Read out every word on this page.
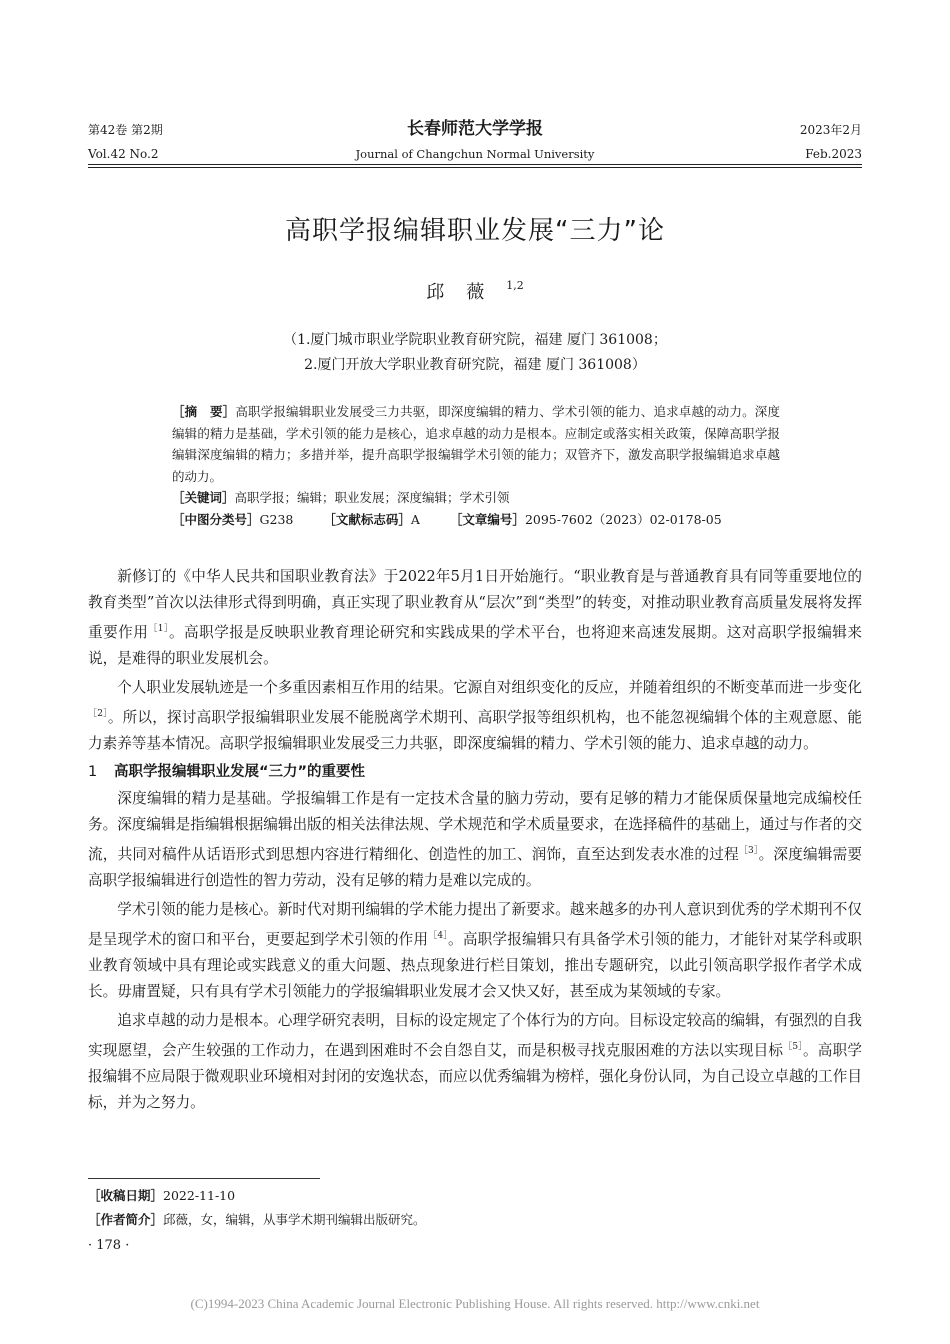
第42卷 第2期
Vol.42 No.2
长春师范大学学报
Journal of Changchun Normal University
2023年2月
Feb.2023
高职学报编辑职业发展“三力”论
邱薇$^{1,2}$
（1.厦门城市职业学院职业教育研究院，福建 厦门 361008；
2.厦门开放大学职业教育研究院，福建 厦门 361008）

［摘　要］高职学报编辑职业发展受三力共驱，即深度编辑的精力、学术引领的能力、追求卓越的动力。深度编辑的精力是基础，学术引领的能力是核心，追求卓越的动力是根本。应制定或落实相关政策，保障高职学报编辑深度编辑的精力；多措并举，提升高职学报编辑学术引领的能力；双管齐下，激发高职学报编辑追求卓越的动力。

［关键词］高职学报；编辑；职业发展；深度编辑；学术引领

［中图分类号］G238 ［文献标志码］A ［文章编号］2095-7602（2023）02-0178-05

新修订的《中华人民共和国职业教育法》于2022年5月1日开始施行。“职业教育是与普通教育具有同等重要地位的教育类型”首次以法律形式得到明确，真正实现了职业教育从“层次”到“类型”的转变，对推动职业教育高质量发展将发挥重要作用$^{[1]}$。高职学报是反映职业教育理论研究和实践成果的学术平台，也将迎来高速发展期。这对高职学报编辑来说，是难得的职业发展机会。

个人职业发展轨迹是一个多重因素相互作用的结果。它源自对组织变化的反应，并随着组织的不断变革而进一步变化$^{[2]}$。所以，探讨高职学报编辑职业发展不能脱离学术期刊、高职学报等组织机构，也不能忽视编辑个体的主观意愿、能力素养等基本情况。高职学报编辑职业发展受三力共驱，即深度编辑的精力、学术引领的能力、追求卓越的动力。

1 高职学报编辑职业发展“三力”的重要性

深度编辑的精力是基础。学报编辑工作是有一定技术含量的脑力劳动，要有足够的精力才能保质保量地完成编校任务。深度编辑是指编辑根据编辑出版的相关法律法规、学术规范和学术质量要求，在选择稿件的基础上，通过与作者的交流，共同对稿件从话语形式到思想内容进行精细化、创造性的加工、润饰，直至达到发表水准的过程$^{[3]}$。深度编辑需要高职学报编辑进行创造性的智力劳动，没有足够的精力是难以完成的。

学术引领的能力是核心。新时代对期刊编辑的学术能力提出了新要求。越来越多的办刊人意识到优秀的学术期刊不仅是呈现学术的窗口和平台，更要起到学术引领的作用$^{[4]}$。高职学报编辑只有具备学术引领的能力，才能针对某学科或职业教育领域中具有理论或实践意义的重大问题、热点现象进行栏目策划，推出专题研究，以此引领高职学报作者学术成长。毋庸置疑，只有具有学术引领能力的学报编辑职业发展才会又快又好，甚至成为某领域的专家。

追求卓越的动力是根本。心理学研究表明，目标的设定规定了个体行为的方向。目标设定较高的编辑，有强烈的自我实现愿望，会产生较强的工作动力，在遇到困难时不会自怨自艾，而是积极寻找克服困难的方法以实现目标$^{[5]}$。高职学报编辑不应局限于微观职业环境相对封闭的安逸状态，而应以优秀编辑为榜样，强化身份认同，为自己设立卓越的工作目标，并为之努力。

［收稿日期］2022-11-10
［作者简介］邱薇，女，编辑，从事学术期刊编辑出版研究。
· 178 ·
(C)1994-2023 China Academic Journal Electronic Publishing House. All rights reserved. http://www.cnki.net
